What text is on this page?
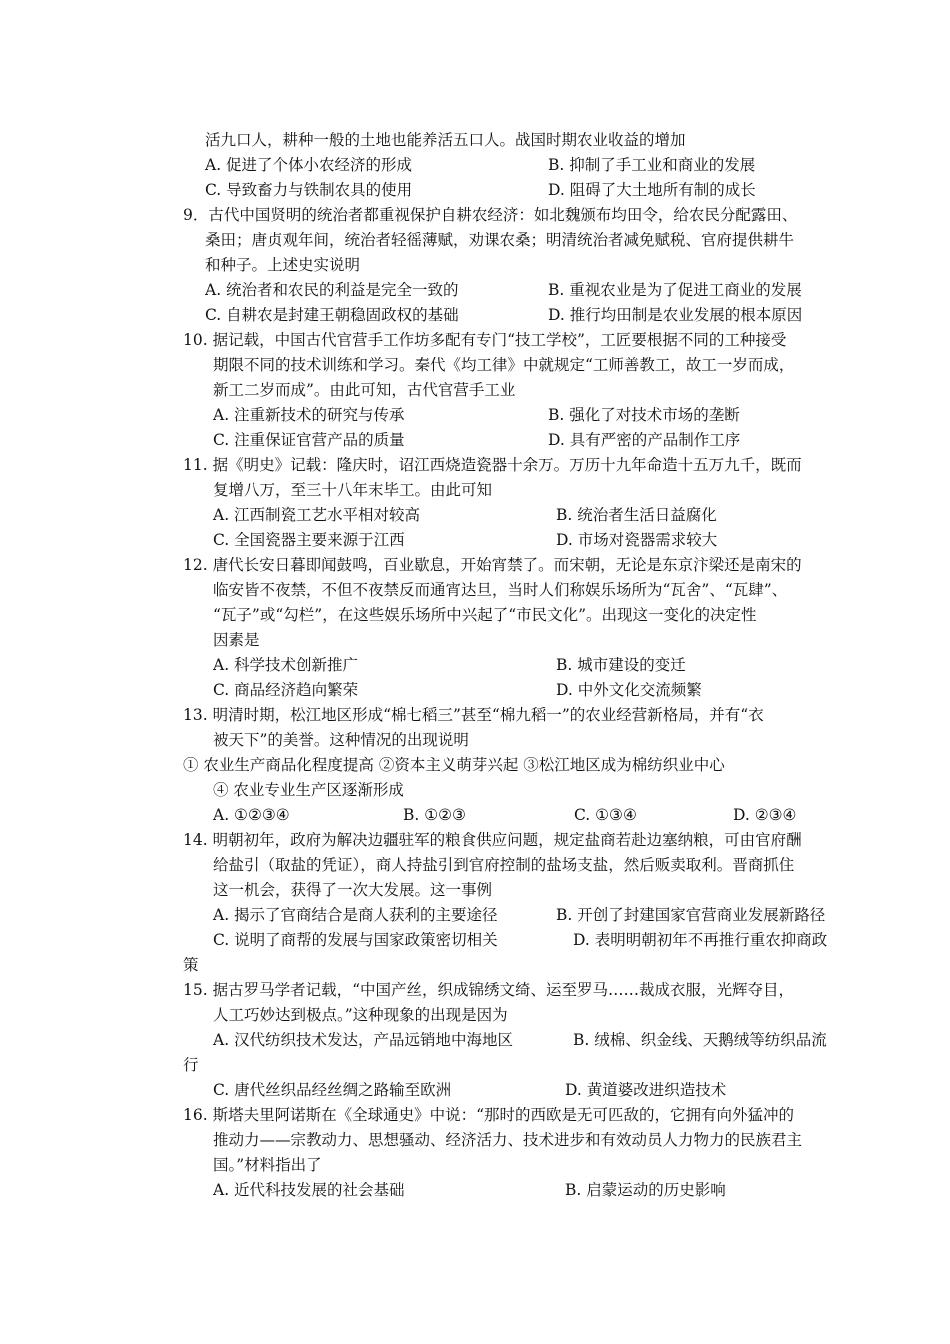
活九口人，耕种一般的土地也能养活五口人。战国时期农业收益的增加
A. 促进了个体小农经济的形成	B. 抑制了手工业和商业的发展
C. 导致畜力与铁制农具的使用	D. 阻碍了大土地所有制的成长
9．古代中国贤明的统治者都重视保护自耕农经济：如北魏颁布均田令，给农民分配露田、
桑田；唐贞观年间，统治者轻徭薄赋，劝课农桑；明清统治者减免赋税、官府提供耕牛
和种子。上述史实说明
A. 统治者和农民的利益是完全一致的	B. 重视农业是为了促进工商业的发展
C. 自耕农是封建王朝稳固政权的基础	D. 推行均田制是农业发展的根本原因
10. 据记载，中国古代官营手工作坊多配有专门“技工学校”，工匠要根据不同的工种接受
期限不同的技术训练和学习。秦代《均工律》中就规定“工师善教工，故工一岁而成，
新工二岁而成”。由此可知，古代官营手工业
A. 注重新技术的研究与传承	B. 强化了对技术市场的垄断
C. 注重保证官营产品的质量	D. 具有严密的产品制作工序
11. 据《明史》记载：隆庆时，诏江西烧造瓷器十余万。万历十九年命造十五万九千，既而
复增八万，至三十八年末毕工。由此可知
A. 江西制瓷工艺水平相对较高	B. 统治者生活日益腐化
C. 全国瓷器主要来源于江西	D. 市场对瓷器需求较大
12. 唐代长安日暮即闻鼓鸣，百业歇息，开始宵禁了。而宋朝，无论是东京汴梁还是南宋的
临安皆不夜禁，不但不夜禁反而通宵达旦，当时人们称娱乐场所为“瓦舍”、“瓦肆”、
“瓦子”或“勾栏”，在这些娱乐场所中兴起了“市民文化”。出现这一变化的决定性
因素是
A. 科学技术创新推广	B. 城市建设的变迁
C. 商品经济趋向繁荣	D. 中外文化交流频繁
13. 明清时期，松江地区形成“棉七稻三”甚至“棉九稻一”的农业经营新格局，并有“衣
被天下”的美誉。这种情况的出现说明
① 农业生产商品化程度提高 ②资本主义萌芽兴起 ③松江地区成为棉纺织业中心
④ 农业专业生产区逐渐形成
A. ①②③④	B. ①②③	C. ①③④	D. ②③④
14. 明朝初年，政府为解决边疆驻军的粮食供应问题，规定盐商若赴边塞纳粮，可由官府酬
给盐引（取盐的凭证），商人持盐引到官府控制的盐场支盐，然后贩卖取利。晋商抓住
这一机会，获得了一次大发展。这一事例
A. 揭示了官商结合是商人获利的主要途径	B. 开创了封建国家官营商业发展新路径
C. 说明了商帮的发展与国家政策密切相关	D. 表明明朝初年不再推行重农抑商政
策
15. 据古罗马学者记载，“中国产丝，织成锦绣文绮、运至罗马……裁成衣服，光辉夺目，
人工巧妙达到极点。”这种现象的出现是因为
A. 汉代纺织技术发达，产品远销地中海地区	B. 绒棉、织金线、天鹅绒等纺织品流
行
C. 唐代丝织品经丝绸之路输至欧洲	D. 黄道婆改进织造技术
16. 斯塔夫里阿诺斯在《全球通史》中说：“那时的西欧是无可匹敌的，它拥有向外猛冲的
推动力——宗教动力、思想骚动、经济活力、技术进步和有效动员人力物力的民族君主
国。”材料指出了
A. 近代科技发展的社会基础	B. 启蒙运动的历史影响
